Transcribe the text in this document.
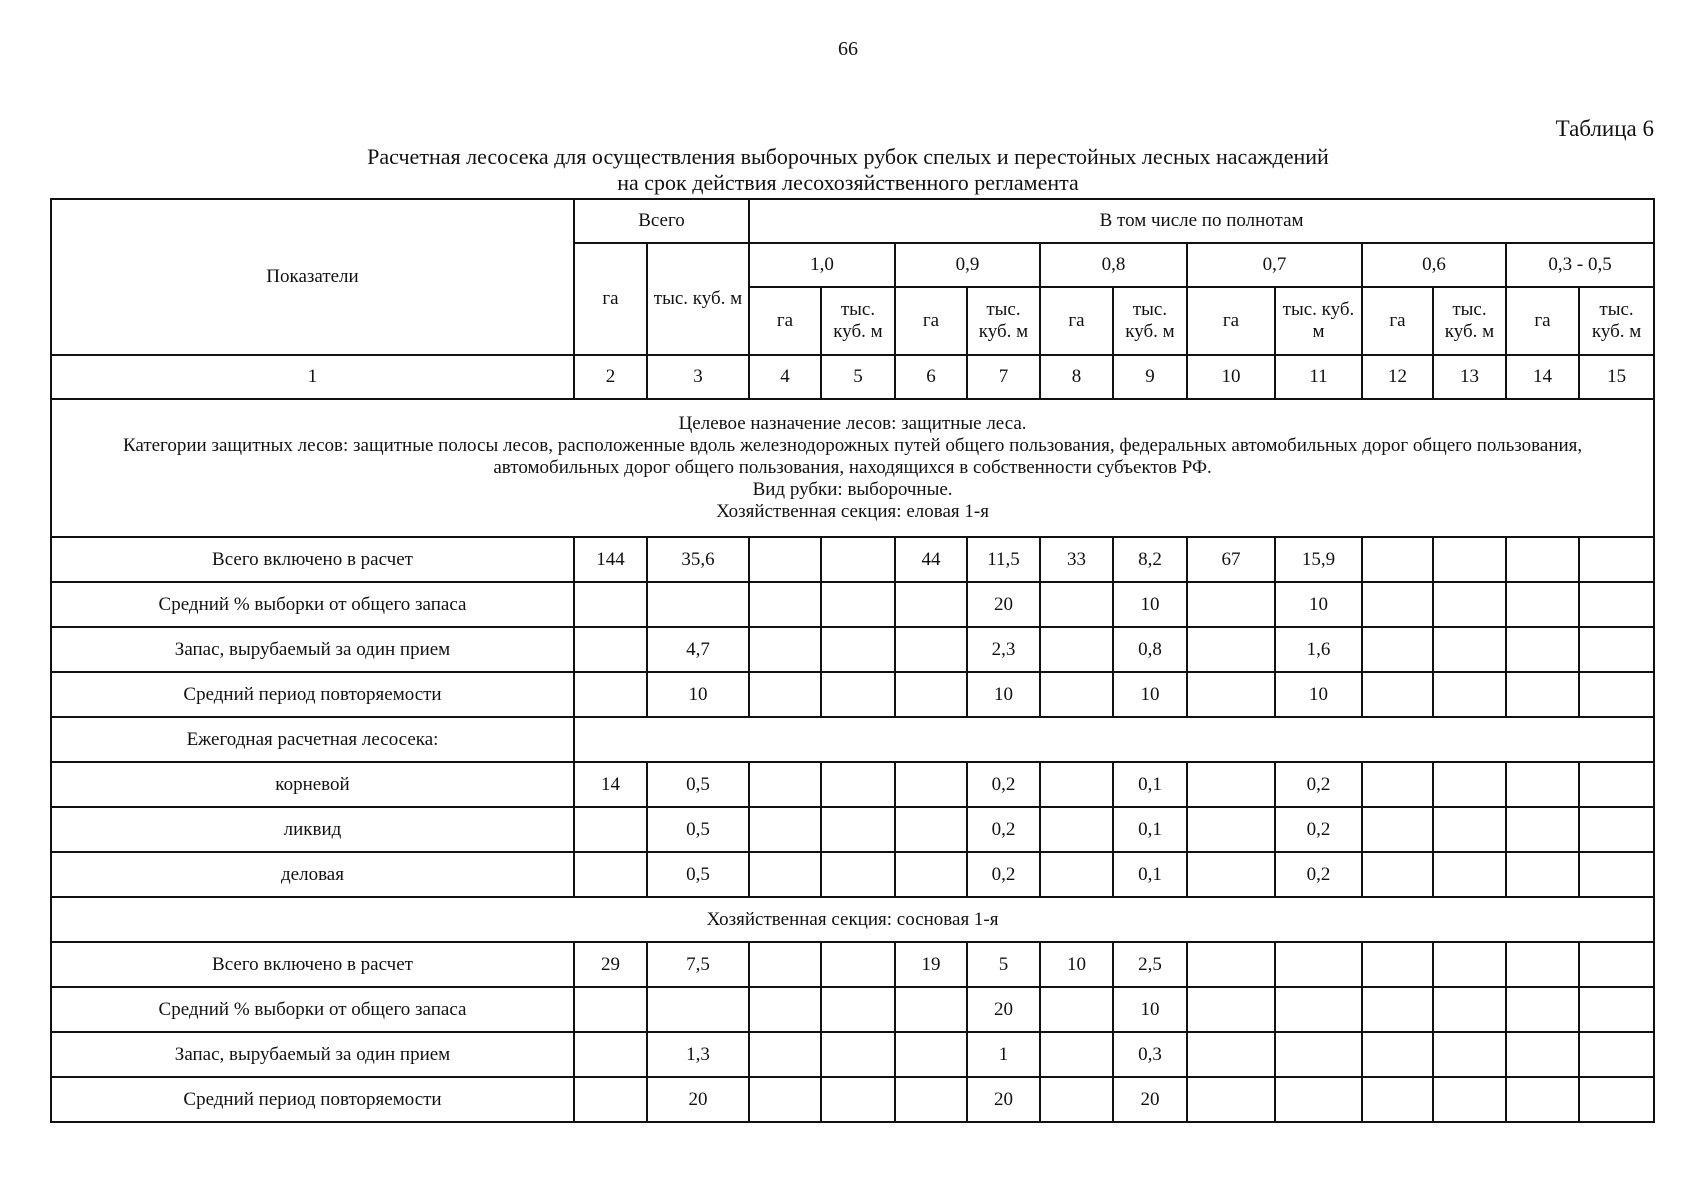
66
Таблица 6
Расчетная лесосека для осуществления выборочных рубок спелых и перестойных лесных насаждений
на срок действия лесохозяйственного регламента
Показатели	Всего		В том числе по полнотам											
	га	тыс. куб. м	1,0		0,9		0,8		0,7		0,6		0,3 - 0,5	
			га	тыс. куб. м	га	тыс. куб. м	га	тыс. куб. м	га	тыс. куб. м	га	тыс. куб. м	га	тыс. куб. м
1	2	3	4	5	6	7	8	9	10	11	12	13	14	15

Целевое назначение лесов: защитные леса.
Категории защитных лесов: защитные полосы лесов, расположенные вдоль железнодорожных путей общего пользования, федеральных автомобильных дорог общего пользования, автомобильных дорог общего пользования, находящихся в собственности субъектов РФ.
Вид рубки: выборочные.
Хозяйственная секция: еловая 1-я														

Всего включено в расчет	144	35,6			44	11,5	33	8,2	67	15,9				
Средний % выборки от общего запаса						20		10		10				
Запас, вырубаемый за один прием		4,7				2,3		0,8		1,6				
Средний период повторяемости		10				10		10		10				
Ежегодная расчетная лесосека:														
корневой	14	0,5				0,2		0,1		0,2				
ликвид		0,5				0,2		0,1		0,2				
деловая		0,5				0,2		0,1		0,2				
Хозяйственная секция: сосновая 1-я														
Всего включено в расчет	29	7,5			19	5	10	2,5						
Средний % выборки от общего запаса						20		10						
Запас, вырубаемый за один прием		1,3				1		0,3						
Средний период повторяемости		20				20		20						
